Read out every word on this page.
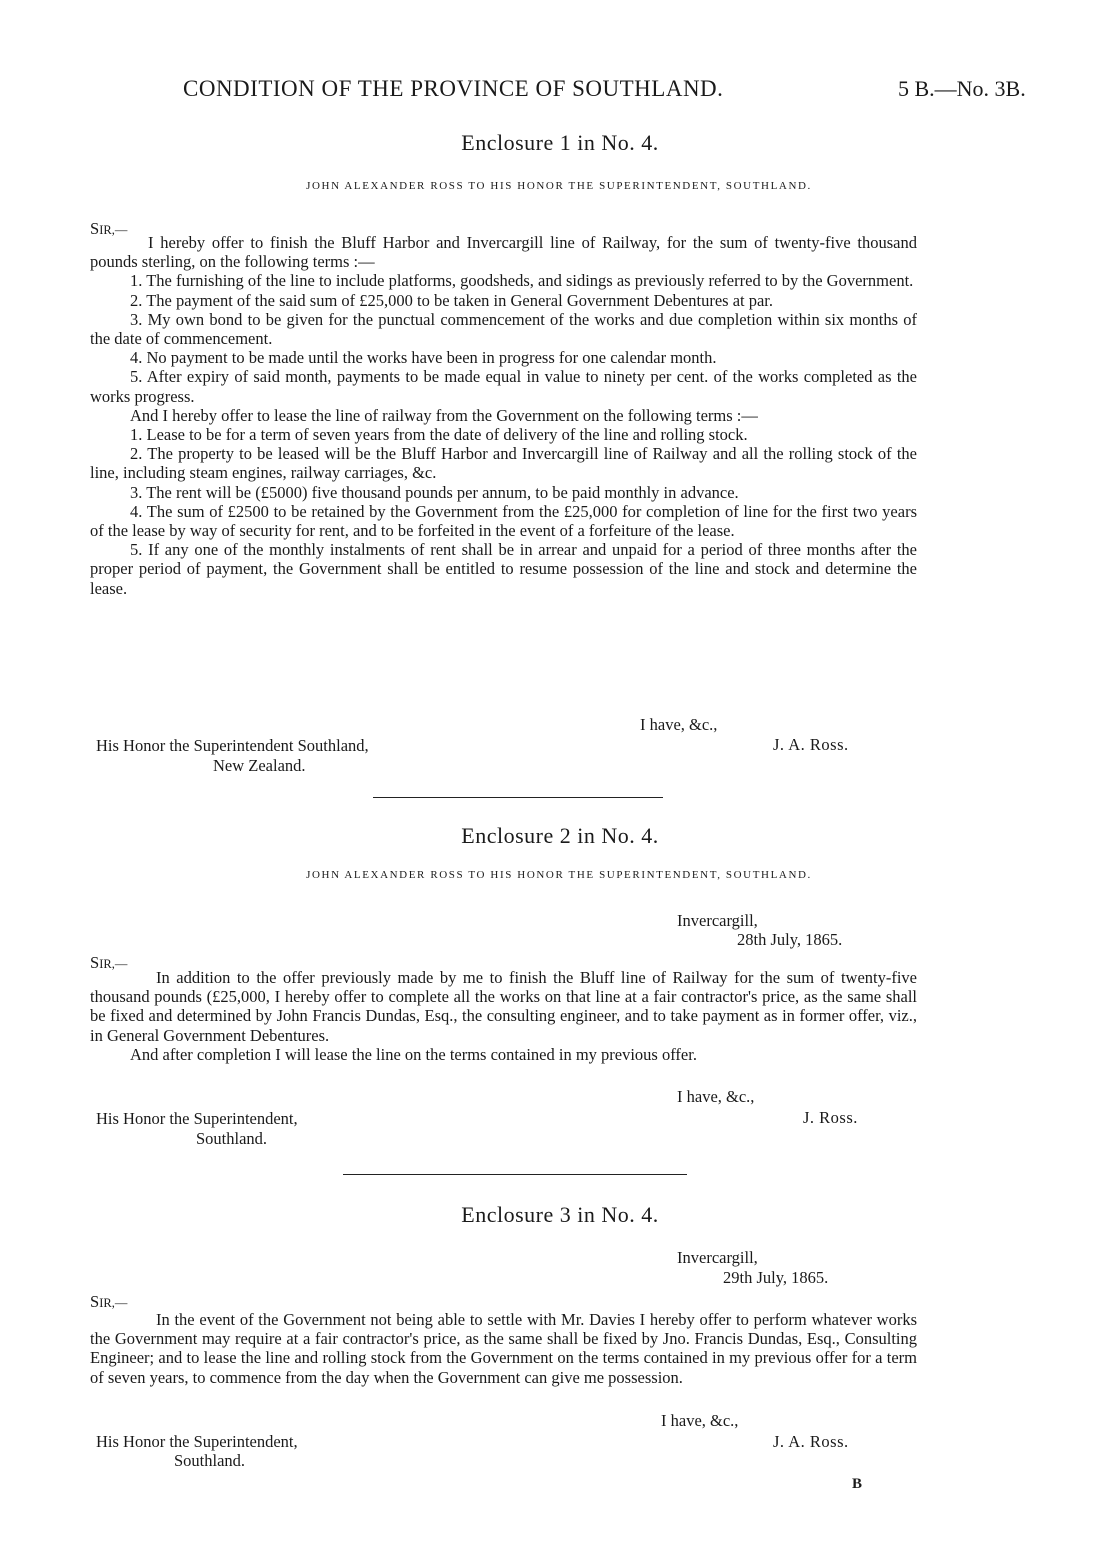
CONDITION OF THE PROVINCE OF SOUTHLAND.	5 B.—No. 3B.
Enclosure 1 in No. 4.
JOHN ALEXANDER ROSS TO HIS HONOR THE SUPERINTENDENT, SOUTHLAND.
SIR,—

I hereby offer to finish the Bluff Harbor and Invercargill line of Railway, for the sum of twenty-five thousand pounds sterling, on the following terms :—

1. The furnishing of the line to include platforms, goodsheds, and sidings as previously referred to by the Government.

2. The payment of the said sum of £25,000 to be taken in General Government Debentures at par.

3. My own bond to be given for the punctual commencement of the works and due completion within six months of the date of commencement.

4. No payment to be made until the works have been in progress for one calendar month.

5. After expiry of said month, payments to be made equal in value to ninety per cent. of the works completed as the works progress.

And I hereby offer to lease the line of railway from the Government on the following terms :—

1. Lease to be for a term of seven years from the date of delivery of the line and rolling stock.

2. The property to be leased will be the Bluff Harbor and Invercargill line of Railway and all the rolling stock of the line, including steam engines, railway carriages, &c.

3. The rent will be (£5000) five thousand pounds per annum, to be paid monthly in advance.

4. The sum of £2500 to be retained by the Government from the £25,000 for completion of line for the first two years of the lease by way of security for rent, and to be forfeited in the event of a forfeiture of the lease.

5. If any one of the monthly instalments of rent shall be in arrear and unpaid for a period of three months after the proper period of payment, the Government shall be entitled to resume possession of the line and stock and determine the lease.

I have, &c.,
J. A. Ross.
His Honor the Superintendent Southland,
New Zealand.
Enclosure 2 in No. 4.
JOHN ALEXANDER ROSS TO HIS HONOR THE SUPERINTENDENT, SOUTHLAND.
Invercargill,
28th July, 1865.
SIR,—

In addition to the offer previously made by me to finish the Bluff line of Railway for the sum of twenty-five thousand pounds (£25,000, I hereby offer to complete all the works on that line at a fair contractor's price, as the same shall be fixed and determined by John Francis Dundas, Esq., the consulting engineer, and to take payment as in former offer, viz., in General Government Debentures.

And after completion I will lease the line on the terms contained in my previous offer.

I have, &c.,
J. Ross.
His Honor the Superintendent,
Southland.
Enclosure 3 in No. 4.
Invercargill,
29th July, 1865.
SIR,—

In the event of the Government not being able to settle with Mr. Davies I hereby offer to perform whatever works the Government may require at a fair contractor's price, as the same shall be fixed by Jno. Francis Dundas, Esq., Consulting Engineer; and to lease the line and rolling stock from the Government on the terms contained in my previous offer for a term of seven years, to commence from the day when the Government can give me possession.

I have, &c.,
J. A. Ross.
His Honor the Superintendent,
Southland.
B
